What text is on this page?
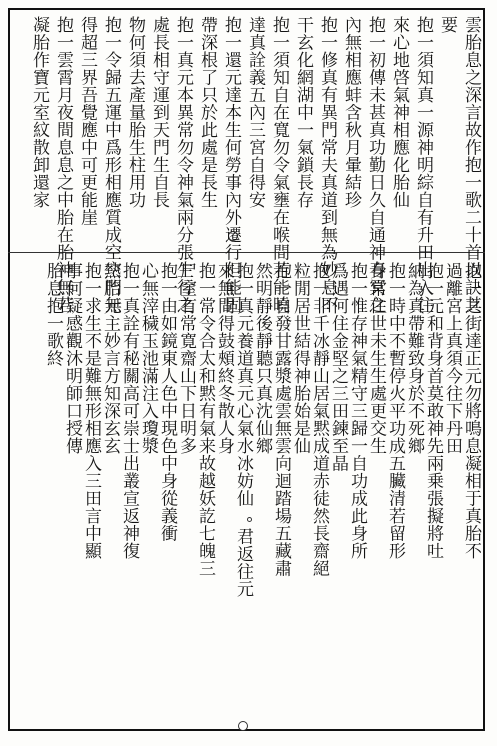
雲胎息之深言故作抱一歌二十首以訣其
要
抱一須知真一源神明綜自有升田出入往
來心地啓氣神相應化胎仙
抱一初傳未甚真功勤日久自通神春冥之
內無相應蚌含秋月暈結珍
抱一修真有異門常夫真道到無為妙息不
干玄化網湖中一氣鎖長存
抱一須知自在寬勿令氣壅在喉間若能曉
達真詮義五內三宮自得安
抱一還元達本生何勞事內外遷行但能固
帶深根了只於此處是長生
抱一真元本異常勿令神氣兩分張生行之
處長相守運到天門生自長
物何須去產量胎生柱用功
抱一令歸五運中爲形相應質成空空門無
得超三界吾覺應中可更能崖
抱一雲霄月夜間息息之中胎在胎神無若
凝胎作寶元室紋散卸還家
抱一之街達正元勿將鳴息凝相于真胎不
過離宮上真須今往下丹田
抱一元和背身首莫敢神先兩乗張擬將吐
納為真帶難致身於不死鄉
抱一時中不暫停火平功成五臟清若留形
身常住世未生生處更交生
抱一惟存神氣精守三歸一自功成此身所
爲遇何住金堅之三田鍊至晶
抱一非千冰靜山居氣黙成道赤徒然長齋絕
粒閒居世結得神胎始是仙
抱一自發甘露漿處雲無雲向迴踏場五藏肅
然明靜後靜聽只真沈仙鄉
抱一真元養道真元心氣水冰妨仙 君返往元
來無間得鼓頰終冬散人身
抱一常令合太和黙有氣来故越妖訖七魄三
尸窒有常寛齋山下日明多
抱一由如鏡東人色中現色中身從義衝
心無滓穢玉池滿注入瓊漿
抱一真詮有秘關高可崇士出叢宣返神復
熱胎元主妙言方知深玄玄
抱一求生不是難無形相應入三田言中顯
事何疑感觀沐明師口授傳
胎息抱一歌終
